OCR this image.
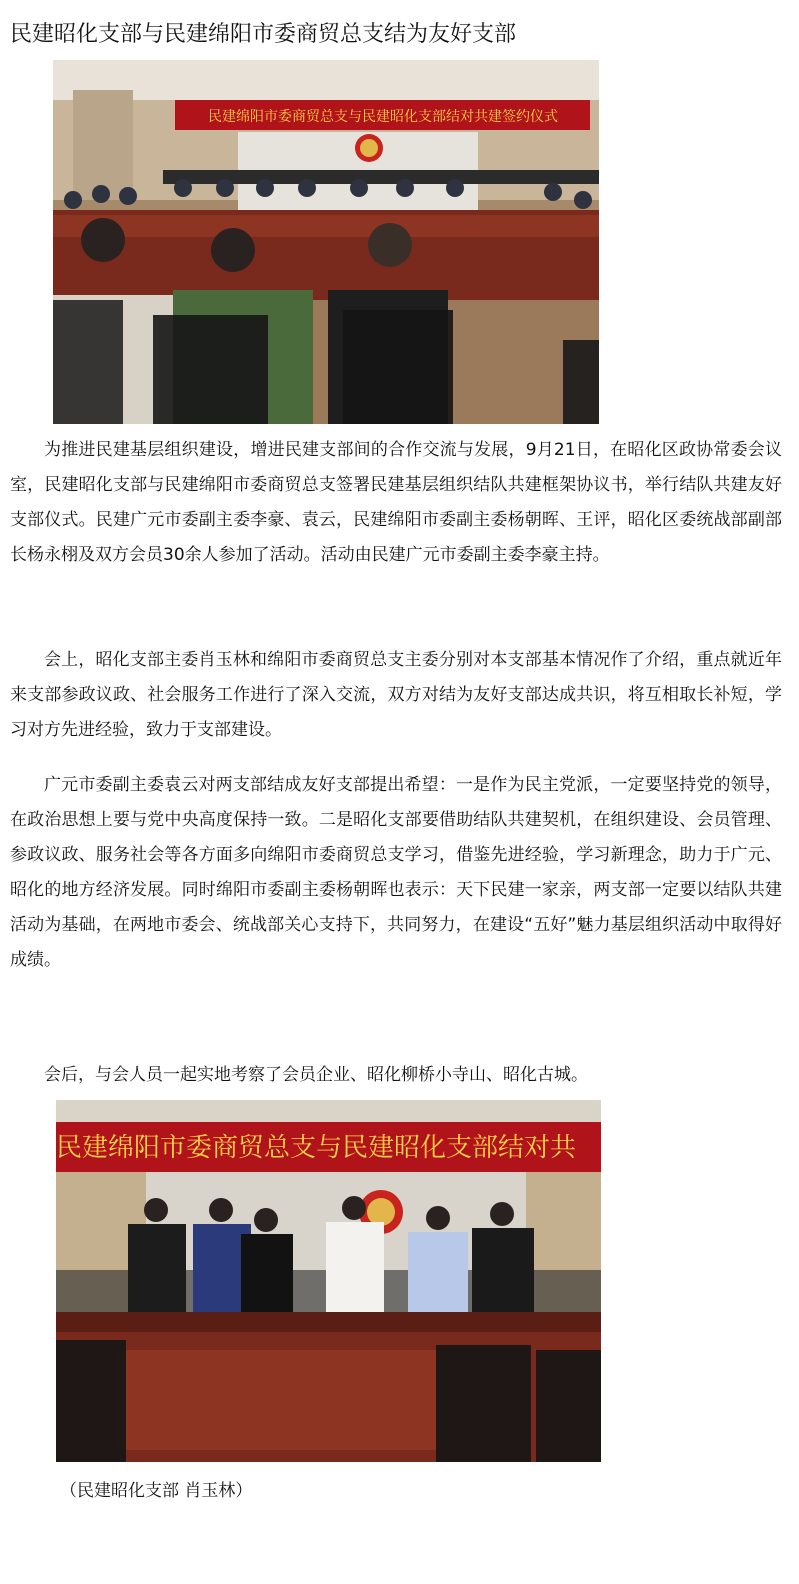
民建昭化支部与民建绵阳市委商贸总支结为友好支部
民建绵阳市委商贸总支与民建昭化支部结对共建签约仪式

为推进民建基层组织建设，增进民建支部间的合作交流与发展，9月21日，在昭化区政协常委会议室，民建昭化支部与民建绵阳市委商贸总支签署民建基层组织结队共建框架协议书，举行结队共建友好支部仪式。民建广元市委副主委李豪、袁云，民建绵阳市委副主委杨朝晖、王评，昭化区委统战部副部长杨永栩及双方会员30余人参加了活动。活动由民建广元市委副主委李豪主持。

会上，昭化支部主委肖玉林和绵阳市委商贸总支主委分别对本支部基本情况作了介绍，重点就近年来支部参政议政、社会服务工作进行了深入交流，双方对结为友好支部达成共识，将互相取长补短，学习对方先进经验，致力于支部建设。

广元市委副主委袁云对两支部结成友好支部提出希望：一是作为民主党派，一定要坚持党的领导，在政治思想上要与党中央高度保持一致。二是昭化支部要借助结队共建契机，在组织建设、会员管理、参政议政、服务社会等各方面多向绵阳市委商贸总支学习，借鉴先进经验，学习新理念，助力于广元、昭化的地方经济发展。同时绵阳市委副主委杨朝晖也表示：天下民建一家亲，两支部一定要以结队共建活动为基础，在两地市委会、统战部关心支持下，共同努力，在建设“五好”魅力基层组织活动中取得好成绩。

会后，与会人员一起实地考察了会员企业、昭化柳桥小寺山、昭化古城。

民建绵阳市委商贸总支与民建昭化支部结对共

（民建昭化支部 肖玉林）
